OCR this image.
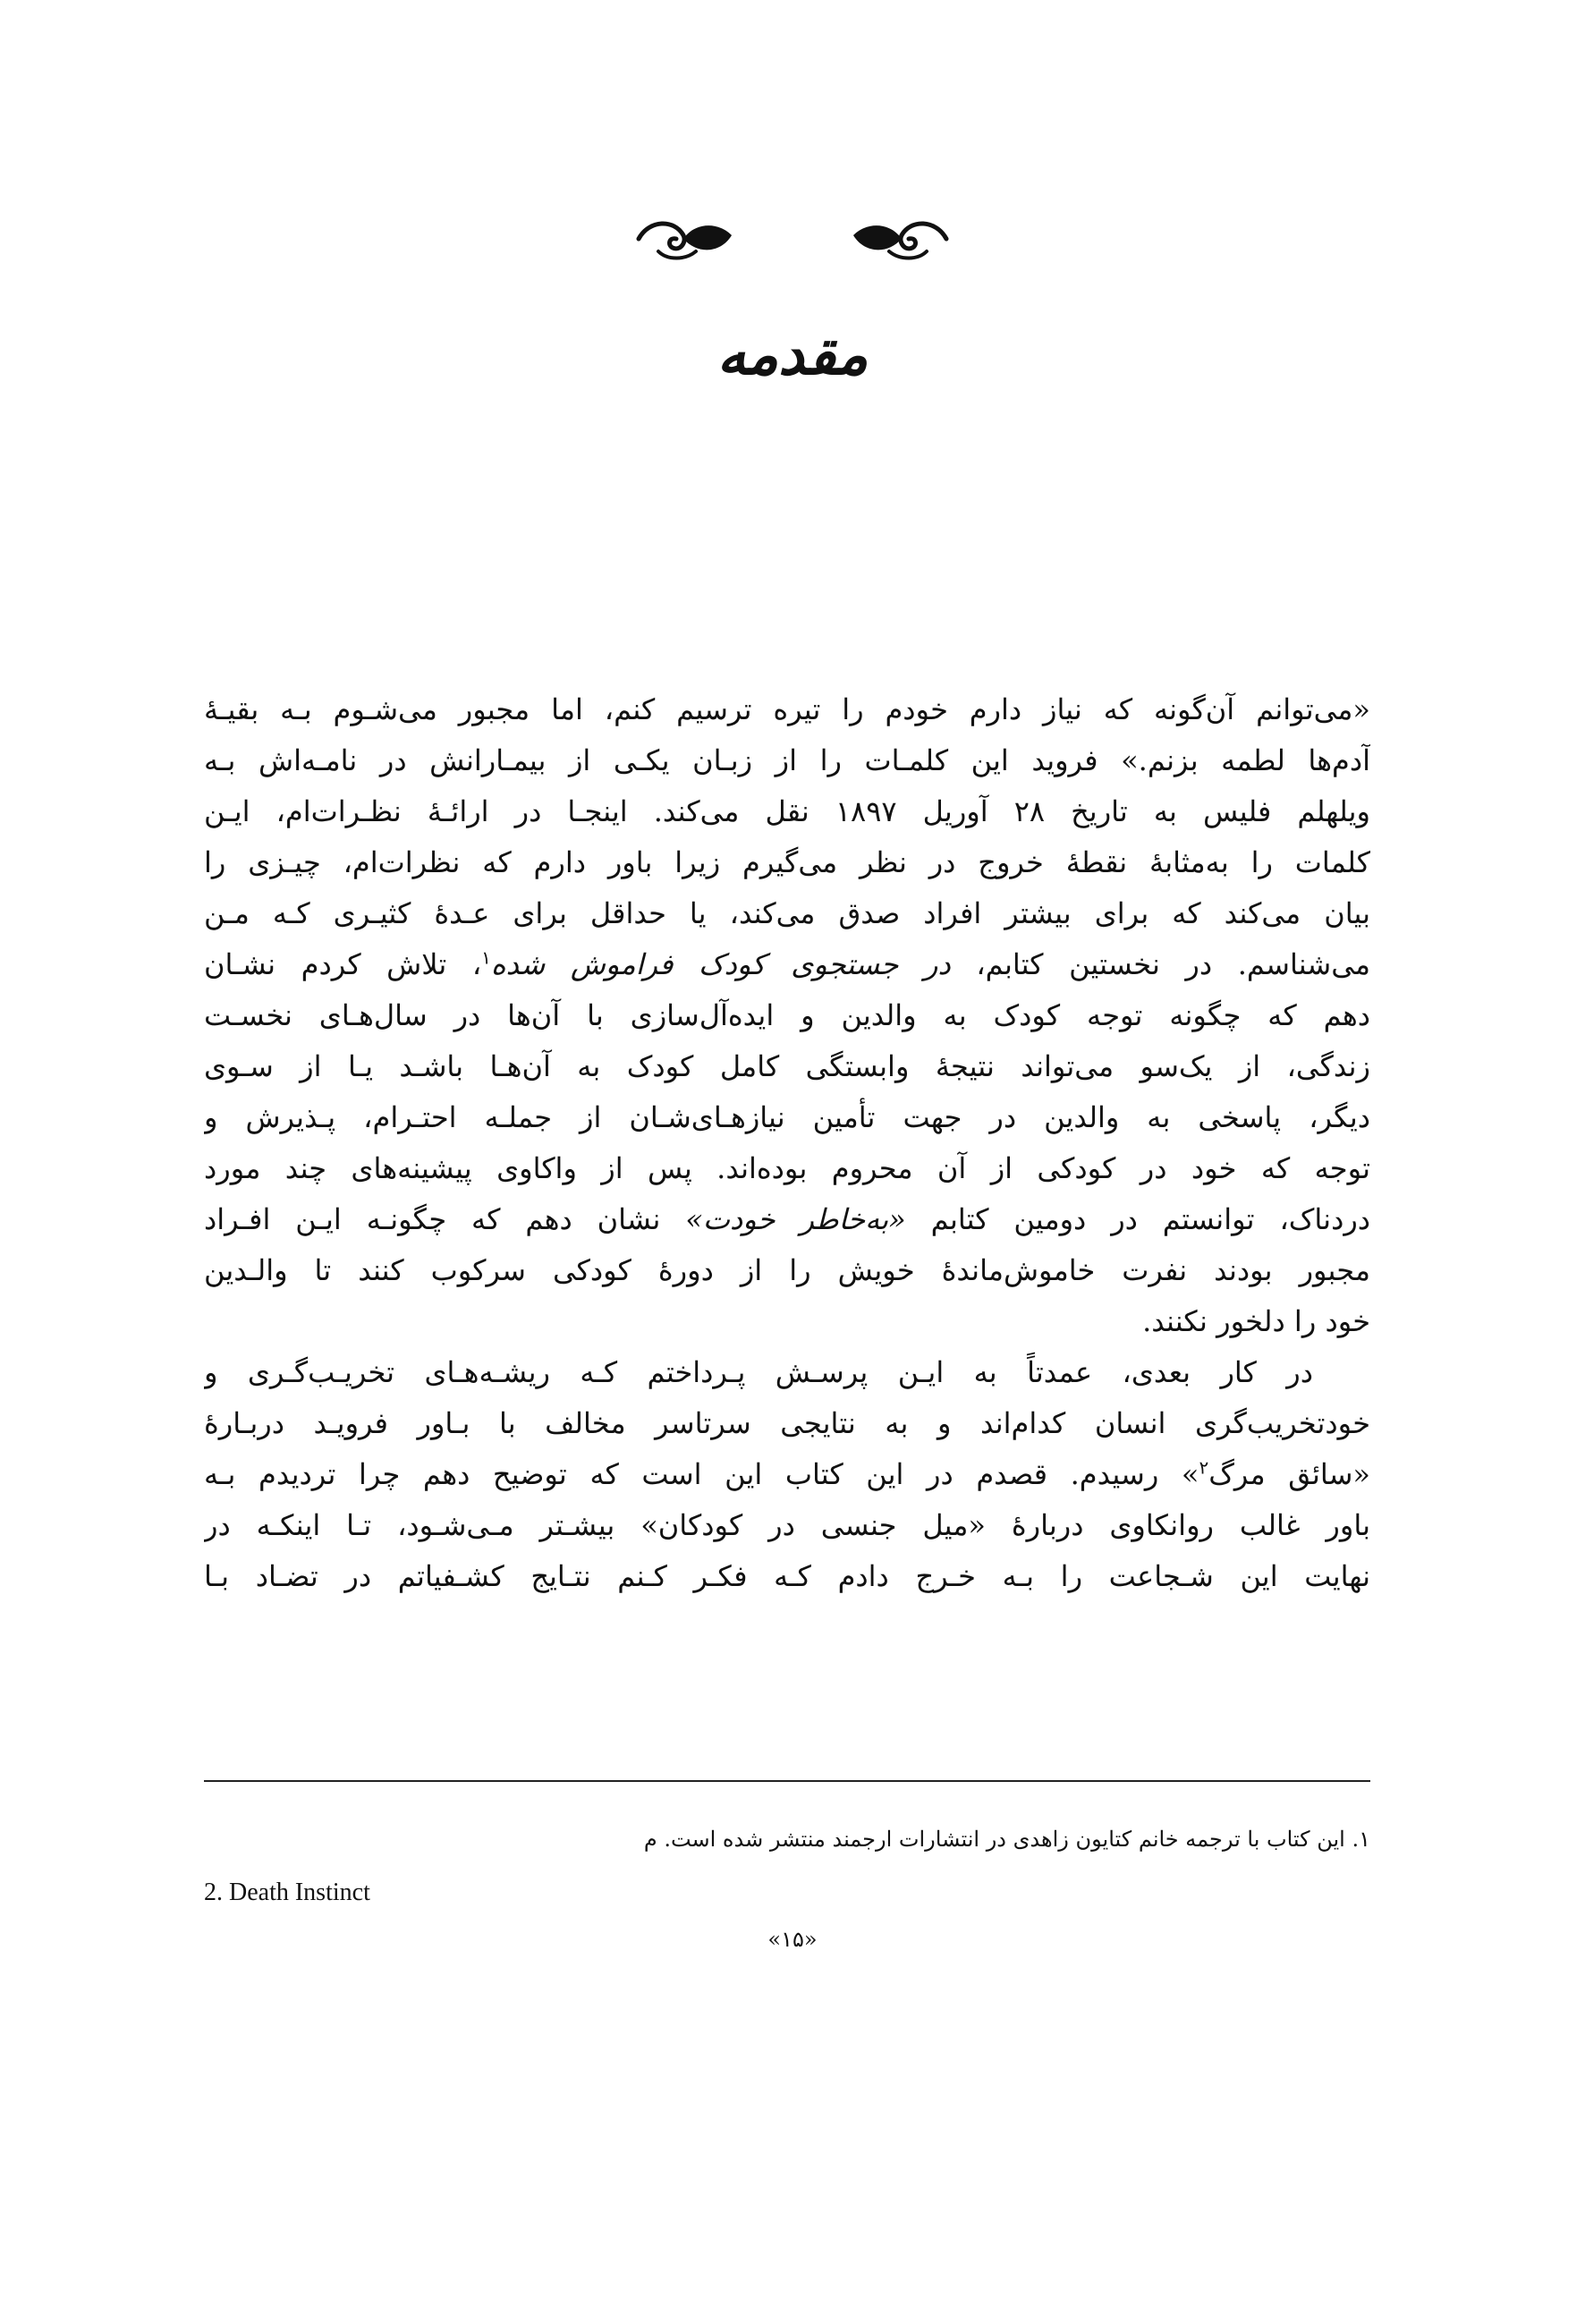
مقدمه
«می‌توانم آن‌گونه که نیاز دارم خودم را تیره ترسیم کنم، اما مجبور می‌شـوم بـه بقیـهٔ
آدم‌ها لطمه بزنم.» فروید این کلمـات را از زبـان یکـی از بیمـارانش در نامـه‌اش بـه
ویلهلم فلیس به تاریخ ۲۸ آوریل ۱۸۹۷ نقل می‌کند. اینجـا در ارائـهٔ نظـرات‌ام، ایـن
کلمات را به‌مثابهٔ نقطهٔ خروج در نظر می‌گیرم زیرا باور دارم که نظرات‌ام، چیـزی را
بیان می‌کند که برای بیشتر افراد صدق می‌کند، یا حداقل برای عـدهٔ کثیـری کـه مـن
می‌شناسم. در نخستین کتابم، در جستجوی کودک فراموش شده$^۱$، تلاش کردم نشـان
دهم که چگونه توجه کودک به والدین و ایده‌آل‌سازی با آن‌ها در سال‌هـای نخسـت
زندگی، از یک‌سو می‌تواند نتیجهٔ وابستگی کامل کودک به آن‌هـا باشـد یـا از سـوی
دیگر، پاسخی به والدین در جهت تأمین نیازهـای‌شـان از جملـه احتـرام، پـذیرش و
توجه که خود در کودکی از آن محروم بوده‌اند. پس از واکاوی پیشینه‌های چند مورد
دردناک، توانستم در دومین کتابم «به‌خاطر خودت» نشان دهم که چگونـه ایـن افـراد
مجبور بودند نفرت خاموش‌ماندهٔ خویش را از دورهٔ کودکی سرکوب کنند تا والـدین
خود را دلخور نکنند.
در کار بعدی، عمدتاً به ایـن پرسـش پـرداختم کـه ریشـه‌هـای تخریـب‌گـری و
خودتخریب‌گری انسان کدام‌اند و به نتایجی سرتاسر مخالف با بـاور فرویـد دربـارهٔ
«سائق مرگ$^۲$» رسیدم. قصدم در این کتاب این است که توضیح دهم چرا تردیدم بـه
باور غالب روانکاوی دربارهٔ «میل جنسی در کودکان» بیشـتر مـی‌شـود، تـا اینکـه در
نهایت این شـجاعت را بـه خـرج دادم کـه فکـر کـنم نتـایج کشـفیاتم در تضـاد بـا
۱. این کتاب با ترجمه خانم کتایون زاهدی در انتشارات ارجمند منتشر شده است. م
2. Death Instinct
«۱۵»
